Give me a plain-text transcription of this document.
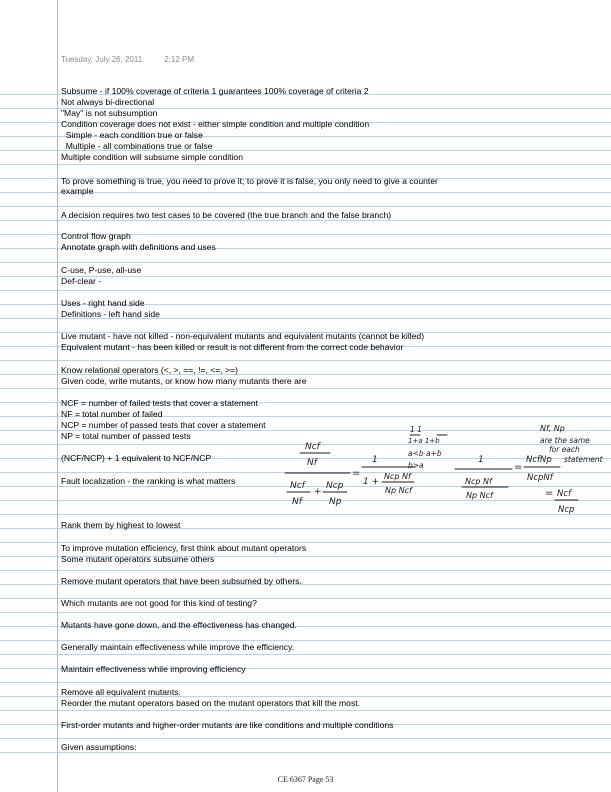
Tuesday, July 26, 2011	2:12 PM
Subsume - if 100% coverage of criteria 1 guarantees 100% coverage of criteria 2
Not always bi-directional
"May" is not subsumption
Condition coverage does not exist - either simple condition and multiple condition
Simple - each condition true or false
Multiple - all combinations true or false
Multiple condition will subsume simple condition
To prove something is true, you need to prove it; to prove it is false, you only need to give a counter
example
A decision requires two test cases to be covered (the true branch and the false branch)
Control flow graph
Annotate graph with definitions and uses
C-use, P-use, all-use
Def-clear -
Uses - right hand side
Definitions - left hand side
Live mutant - have not killed - non-equivalent mutants and equivalent mutants (cannot be killed)
Equivalent mutant - has been killed or result is not different from the correct code behavior
Know relational operators (<, >, ==, !=, <=, >=)
Given code, write mutants, or know how many mutants there are
NCF = number of failed tests that cover a statement
NF = total number of failed
NCP = number of passed tests that cover a statement
NP = total number of passed tests
(NCF/NCP) + 1 equivalent to NCF/NCP
Fault localization - the ranking is what matters
Rank them by highest to lowest
To improve mutation efficiency, first think about mutant operators
Some mutant operators subsume others
Remove mutant operators that have been subsumed by others.
Which mutants are not good for this kind of testing?
Mutants have gone down, and the effectiveness has changed.
Generally maintain effectiveness while improve the efficiency.
Maintain effectiveness while improving efficiency
Remove all equivalent mutants.
Reorder the mutant operators based on the mutant operators that kill the most.
First-order mutants and higher-order mutants are like conditions and multiple conditions
Given assumptions:
Ncf
Nf
Ncf
Nf
+
Ncp
Np
=
1
1 +
Ncp Nf
Np Ncf
1 1
1+a 1+b
a<b a+b
b>a
1
Ncp Nf
Np Ncf
=
NcfNp
NcpNf
= Ncf
Ncp
Nf, Np
are the same
for each
statement
CE 6367 Page 53
